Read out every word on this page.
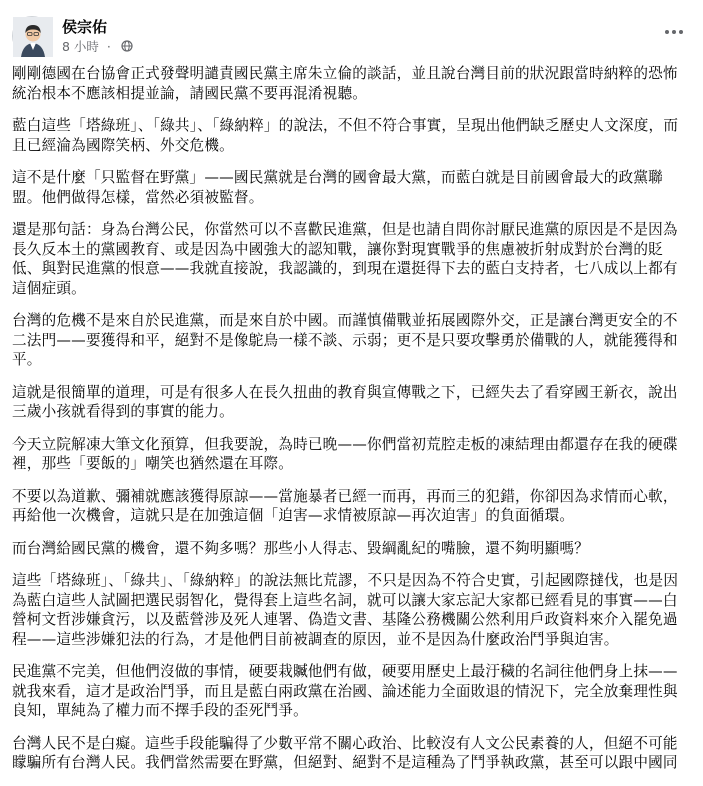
侯宗佑
8 小時 ·

剛剛德國在台協會正式發聲明譴責國民黨主席朱立倫的談話，並且說台灣目前的狀況跟當時納粹的恐怖統治根本不應該相提並論，請國民黨不要再混淆視聽。

藍白這些「塔綠班」、「綠共」、「綠納粹」的說法，不但不符合事實，呈現出他們缺乏歷史人文深度，而且已經淪為國際笑柄、外交危機。

這不是什麼「只監督在野黨」——國民黨就是台灣的國會最大黨，而藍白就是目前國會最大的政黨聯盟。他們做得怎樣，當然必須被監督。

還是那句話：身為台灣公民，你當然可以不喜歡民進黨，但是也請自問你討厭民進黨的原因是不是因為長久反本土的黨國教育、或是因為中國強大的認知戰，讓你對現實戰爭的焦慮被折射成對於台灣的貶低、與對民進黨的恨意——我就直接說，我認識的，到現在還挺得下去的藍白支持者，七八成以上都有這個症頭。

台灣的危機不是來自於民進黨，而是來自於中國。而謹慎備戰並拓展國際外交，正是讓台灣更安全的不二法門——要獲得和平，絕對不是像鴕鳥一樣不談、示弱；更不是只要攻擊勇於備戰的人，就能獲得和平。

這就是很簡單的道理，可是有很多人在長久扭曲的教育與宣傳戰之下，已經失去了看穿國王新衣，說出三歲小孩就看得到的事實的能力。

今天立院解凍大筆文化預算，但我要說，為時已晚——你們當初荒腔走板的凍結理由都還存在我的硬碟裡，那些「要飯的」嘲笑也猶然還在耳際。

不要以為道歉、彌補就應該獲得原諒——當施暴者已經一而再，再而三的犯錯，你卻因為求情而心軟，再給他一次機會，這就只是在加強這個「迫害—求情被原諒—再次迫害」的負面循環。

而台灣給國民黨的機會，還不夠多嗎？那些小人得志、毀綱亂紀的嘴臉，還不夠明顯嗎？

這些「塔綠班」、「綠共」、「綠納粹」的說法無比荒謬，不只是因為不符合史實，引起國際撻伐，也是因為藍白這些人試圖把選民弱智化，覺得套上這些名詞，就可以讓大家忘記大家都已經看見的事實——白營柯文哲涉嫌貪污，以及藍營涉及死人連署、偽造文書、基隆公務機關公然利用戶政資料來介入罷免過程——這些涉嫌犯法的行為，才是他們目前被調查的原因，並不是因為什麼政治鬥爭與迫害。

民進黨不完美，但他們沒做的事情，硬要栽贓他們有做，硬要用歷史上最汙穢的名詞往他們身上抹——就我來看，這才是政治鬥爭，而且是藍白兩政黨在治國、論述能力全面敗退的情況下，完全放棄理性與良知，單純為了權力而不擇手段的歪死鬥爭。

台灣人民不是白癡。這些手段能騙得了少數平常不關心政治、比較沒有人文公民素養的人，但絕不可能矇騙所有台灣人民。我們當然需要在野黨，但絕對、絕對不是這種為了鬥爭執政黨，甚至可以跟中國同
